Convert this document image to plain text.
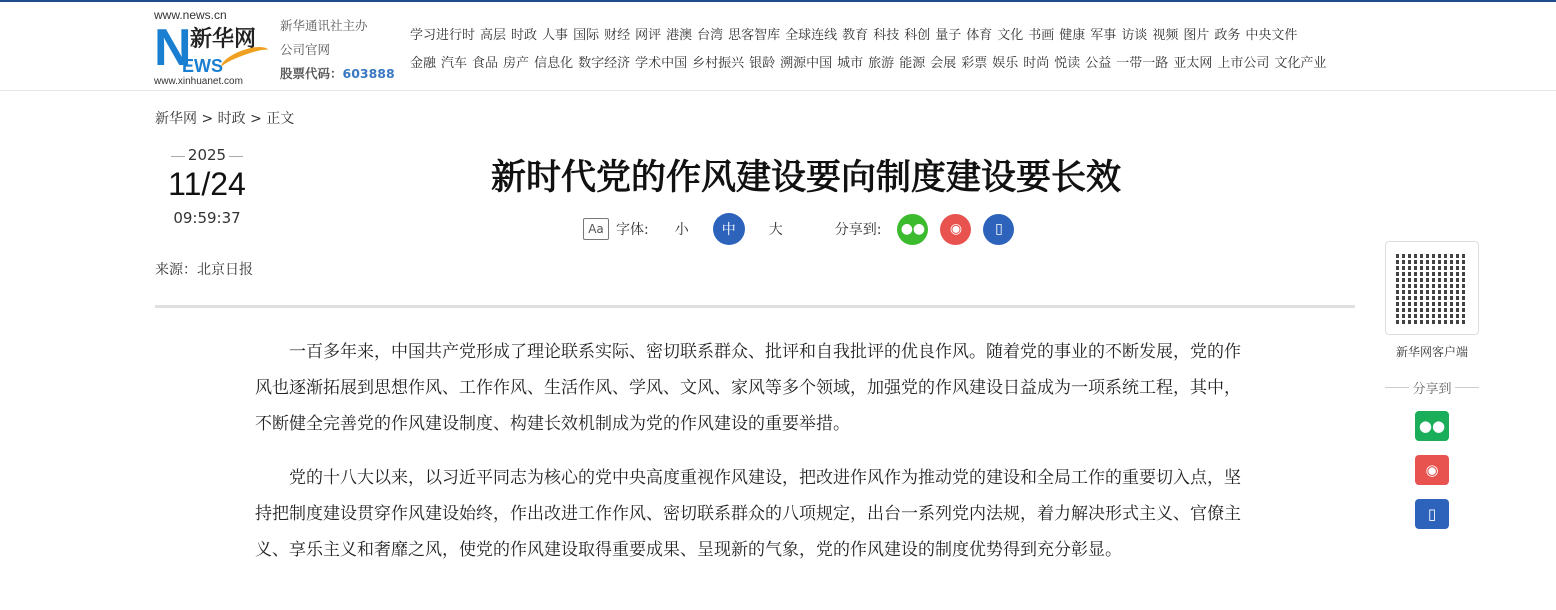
www.news.cn
N
新华网
EWS
www.xinhuanet.com
新华通讯社主办
公司官网
股票代码：603888
学习进行时 高层 时政 人事 国际 财经 网评 港澳 台湾 思客智库 全球连线 教育 科技 科创 量子 体育 文化 书画 健康 军事 访谈 视频 图片 政务 中央文件
金融 汽车 食品 房产 信息化 数字经济 学术中国 乡村振兴 银龄 溯源中国 城市 旅游 能源 会展 彩票 娱乐 时尚 悦读 公益 一带一路 亚太网 上市公司 文化产业
新华网 > 时政 > 正文
2025
11/24
09:59:37
来源：北京日报
新时代党的作风建设要向制度建设要长效
Aa 字体: 小	中	大	分享到: ●●	◉	▯

一百多年来，中国共产党形成了理论联系实际、密切联系群众、批评和自我批评的优良作风。随着党的事业的不断发展，党的作风也逐渐拓展到思想作风、工作作风、生活作风、学风、文风、家风等多个领域，加强党的作风建设日益成为一项系统工程，其中，不断健全完善党的作风建设制度、构建长效机制成为党的作风建设的重要举措。

党的十八大以来，以习近平同志为核心的党中央高度重视作风建设，把改进作风作为推动党的建设和全局工作的重要切入点，坚持把制度建设贯穿作风建设始终，作出改进工作作风、密切联系群众的八项规定，出台一系列党内法规，着力解决形式主义、官僚主义、享乐主义和奢靡之风，使党的作风建设取得重要成果、呈现新的气象，党的作风建设的制度优势得到充分彰显。

新华网客户端
分享到
●●
◉
▯
